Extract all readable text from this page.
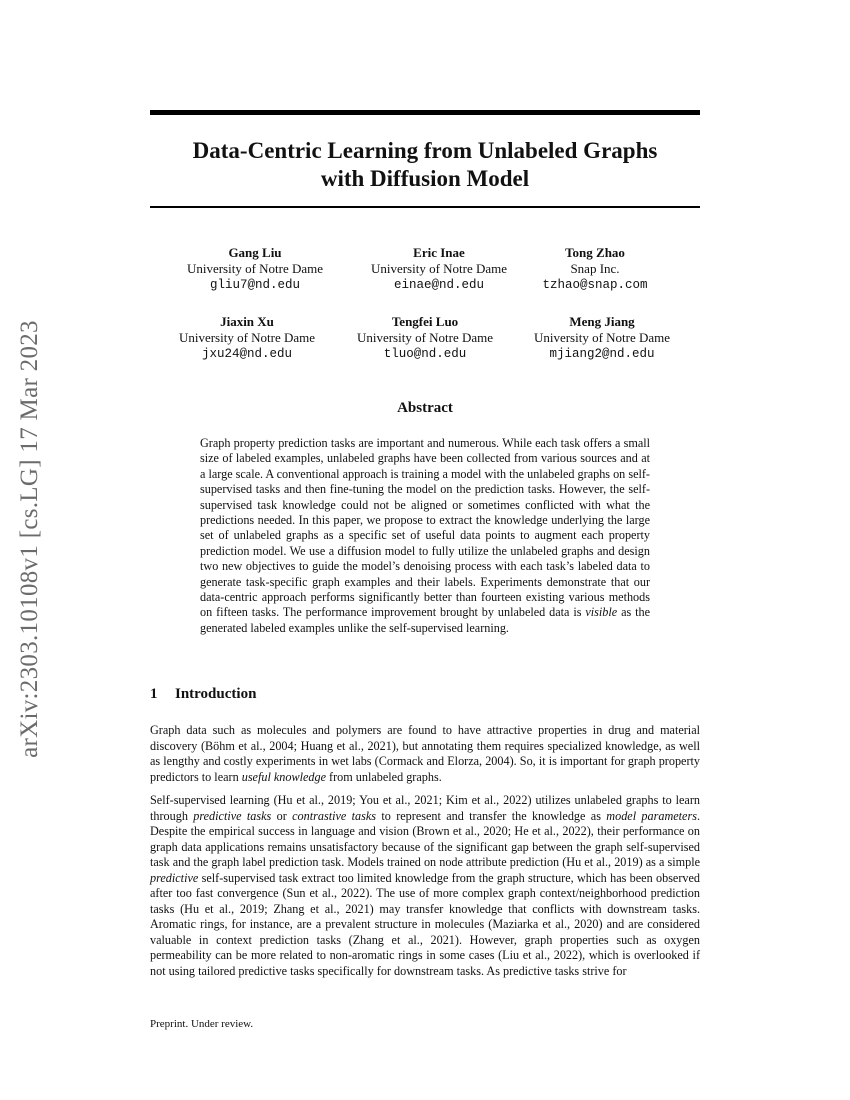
arXiv:2303.10108v1 [cs.LG] 17 Mar 2023
Data-Centric Learning from Unlabeled Graphs
with Diffusion Model
Gang Liu
University of Notre Dame
gliu7@nd.edu
Eric Inae
University of Notre Dame
einae@nd.edu
Tong Zhao
Snap Inc.
tzhao@snap.com
Jiaxin Xu
University of Notre Dame
jxu24@nd.edu
Tengfei Luo
University of Notre Dame
tluo@nd.edu
Meng Jiang
University of Notre Dame
mjiang2@nd.edu
Abstract

Graph property prediction tasks are important and numerous. While each task offers a small size of labeled examples, unlabeled graphs have been collected from various sources and at a large scale. A conventional approach is training a model with the unlabeled graphs on self-supervised tasks and then fine-tuning the model on the prediction tasks. However, the self-supervised task knowledge could not be aligned or sometimes conflicted with what the predictions needed. In this paper, we propose to extract the knowledge underlying the large set of unlabeled graphs as a specific set of useful data points to augment each property prediction model. We use a diffusion model to fully utilize the unlabeled graphs and design two new objectives to guide the model’s denoising process with each task’s labeled data to generate task-specific graph examples and their labels. Experiments demonstrate that our data-centric approach performs significantly better than fourteen existing various methods on fifteen tasks. The performance improvement brought by unlabeled data is visible as the generated labeled examples unlike the self-supervised learning.

1 Introduction

Graph data such as molecules and polymers are found to have attractive properties in drug and material discovery (Böhm et al., 2004; Huang et al., 2021), but annotating them requires specialized knowledge, as well as lengthy and costly experiments in wet labs (Cormack and Elorza, 2004). So, it is important for graph property predictors to learn useful knowledge from unlabeled graphs.

Self-supervised learning (Hu et al., 2019; You et al., 2021; Kim et al., 2022) utilizes unlabeled graphs to learn through predictive tasks or contrastive tasks to represent and transfer the knowledge as model parameters. Despite the empirical success in language and vision (Brown et al., 2020; He et al., 2022), their performance on graph data applications remains unsatisfactory because of the significant gap between the graph self-supervised task and the graph label prediction task. Models trained on node attribute prediction (Hu et al., 2019) as a simple predictive self-supervised task extract too limited knowledge from the graph structure, which has been observed after too fast convergence (Sun et al., 2022). The use of more complex graph context/neighborhood prediction tasks (Hu et al., 2019; Zhang et al., 2021) may transfer knowledge that conflicts with downstream tasks. Aromatic rings, for instance, are a prevalent structure in molecules (Maziarka et al., 2020) and are considered valuable in context prediction tasks (Zhang et al., 2021). However, graph properties such as oxygen permeability can be more related to non-aromatic rings in some cases (Liu et al., 2022), which is overlooked if not using tailored predictive tasks specifically for downstream tasks. As predictive tasks strive for

Preprint. Under review.
